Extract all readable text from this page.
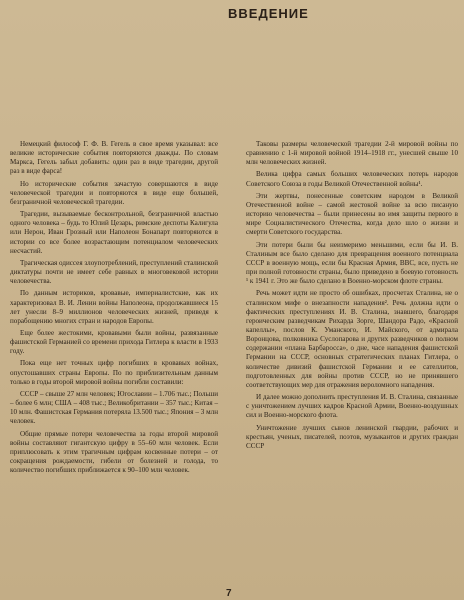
ВВЕДЕНИЕ

Немецкий философ Г. Ф. В. Гегель в свое время указывал: все великие исторические события повторяются дважды. По словам Маркса, Гегель забыл добавить: один раз в виде трагедии, другой раз в виде фарса!

Но исторические события зачастую совершаются в виде человеческой трагедии и повторяются в виде еще большей, безграничной человеческой трагедии.

Трагедии, вызываемые бесконтрольной, безграничной властью одного человека – будь то Юлий Цезарь, римские деспоты Калигула или Нерон, Иван Грозный или Наполеон Бонапарт повторяются в истории со все более возрастающим потенциалом человеческих несчастий.

Трагическая одиссея злоупотреблений, преступлений сталинской диктатуры почти не имеет себе равных в многовековой истории человечества.

По данным историков, кровавые, империалистские, как их характеризовал В. И. Ленин войны Наполеона, продолжавшиеся 15 лет унесли 8–9 миллионов человеческих жизней, приведя к порабощению многих стран и народов Европы.

Еще более жестокими, кровавыми были войны, развязанные фашистской Германией со времени прихода Гитлера к власти в 1933 году.

Пока еще нет точных цифр погибших в кровавых войнах, опустошавших страны Европы. По по приблизительным данным только в годы второй мировой войны погибли составили:

СССР – свыше 27 млн человек; Югославии – 1.706 тыс.; Польши – более 6 млн; США – 408 тыс.; Великобритании – 357 тыс.; Китая – 10 млн. Фашистская Германия потеряла 13.500 тыс.; Япония – 3 млн человек.

Общие прямые потери человечества за годы второй мировой войны составляют гигантскую цифру в 55–60 млн человек. Если приплюсовать к этим трагичным цифрам косвенные потери – от сокращения рождаемости, гибели от болезней и голода, то количество погибших приближается к 90–100 млн человек.

Таковы размеры человеческой трагедии 2-й мировой войны по сравнению с 1-й мировой войной 1914–1918 гг., унесшей свыше 10 млн человеческих жизней.

Велика цифра самых больших человеческих потерь народов Советского Союза в годы Великой Отечественной войны¹.

Эти жертвы, понесенные советским народом в Великой Отечественной войне – самой жестокой войне за всю писаную историю человечества – были принесены во имя защиты первого в мире Социалистического Отечества, когда дело шло о жизни и смерти Советского государства.

Эти потери были бы неизмеримо меньшими, если бы И. В. Сталиным все было сделано для превращения военного потенциала СССР в военную мощь, если бы Красная Армия, ВВС, все, пусть не при полной готовности страны, было приведено в боевую готовность ¹ к 1941 г. Это же было сделано в Военно-морском флоте страны.

Речь может идти не просто об ошибках, просчетах Сталина, не о сталинском мифе о внезапности нападения². Речь должна идти о фактических преступлениях И. В. Сталина, знавшего, благодаря героическим разведчикам Рихарда Зорге, Шандора Радо, «Красной капеллы», послов К. Уманского, И. Майского, от адмирала Воронцова, полковника Суслопарова и других разведчиков о полном содержании «плана Барбаросса», о дне, часе нападения фашистской Германии на СССР, основных стратегических планах Гитлера, о количестве дивизий фашистской Германии и ее сателлитов, подготовленных для войны против СССР, но не принявшего соответствующих мер для отражения вероломного нападения.

И далее можно дополнить преступления И. В. Сталина, связанные с уничтожением лучших кадров Красной Армии, Военно-воздушных сил и Военно-морского флота.

Уничтожение лучших сынов ленинской гвардии, рабочих и крестьян, ученых, писателей, поэтов, музыкантов и других граждан СССР

7
